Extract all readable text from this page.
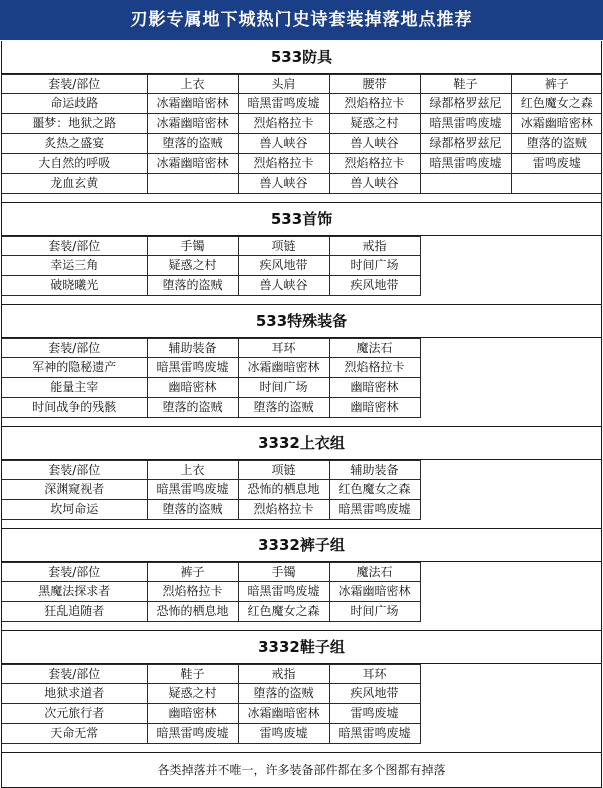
刃影专属地下城热门史诗套装掉落地点推荐
533防具
套装/部位	上衣	头肩	腰带	鞋子	裤子
命运歧路	冰霜幽暗密林	暗黑雷鸣废墟	烈焰格拉卡	绿都格罗兹尼	红色魔女之森
噩梦：地狱之路	冰霜幽暗密林	烈焰格拉卡	疑惑之村	暗黑雷鸣废墟	冰霜幽暗密林
炙热之盛宴	堕落的盗贼	兽人峡谷	兽人峡谷	绿都格罗兹尼	堕落的盗贼
大自然的呼吸	冰霜幽暗密林	烈焰格拉卡	烈焰格拉卡	暗黑雷鸣废墟	雷鸣废墟
龙血玄黄		兽人峡谷	兽人峡谷		
533首饰
套装/部位	手镯	项链	戒指	
幸运三角	疑惑之村	疾风地带	时间广场	
破晓曦光	堕落的盗贼	兽人峡谷	疾风地带	
533特殊装备
套装/部位	辅助装备	耳环	魔法石	
军神的隐秘遗产	暗黑雷鸣废墟	冰霜幽暗密林	烈焰格拉卡	
能量主宰	幽暗密林	时间广场	幽暗密林	
时间战争的残骸	堕落的盗贼	堕落的盗贼	幽暗密林	
3332上衣组
套装/部位	上衣	项链	辅助装备	
深渊窥视者	暗黑雷鸣废墟	恐怖的栖息地	红色魔女之森	
坎坷命运	堕落的盗贼	烈焰格拉卡	暗黑雷鸣废墟	
3332裤子组
套装/部位	裤子	手镯	魔法石	
黑魔法探求者	烈焰格拉卡	暗黑雷鸣废墟	冰霜幽暗密林	
狂乱追随者	恐怖的栖息地	红色魔女之森	时间广场	
3332鞋子组
套装/部位	鞋子	戒指	耳环	
地狱求道者	疑惑之村	堕落的盗贼	疾风地带	
次元旅行者	幽暗密林	冰霜幽暗密林	雷鸣废墟	
天命无常	暗黑雷鸣废墟	雷鸣废墟	暗黑雷鸣废墟	
各类掉落并不唯一，许多装备部件都在多个图都有掉落
